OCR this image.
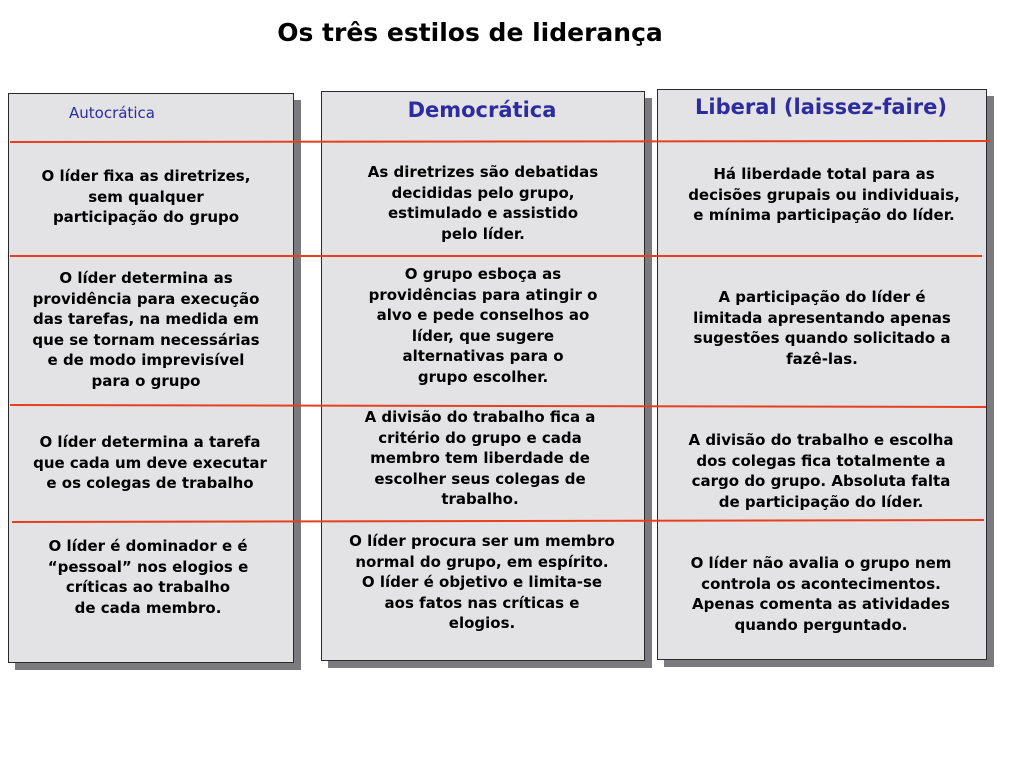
Os três estilos de liderança
Autocrática	Democrática	Liberal (laissez-faire)
O líder fixa as diretrizes,
sem qualquer
participação do grupo
O líder determina as
providência para execução
das tarefas, na medida em
que se tornam necessárias
e de modo imprevisível
para o grupo
O líder determina a tarefa
que cada um deve executar
e os colegas de trabalho
O líder é dominador e é
“pessoal” nos elogios e
críticas ao trabalho
de cada membro.
As diretrizes são debatidas
decididas pelo grupo,
estimulado e assistido
pelo líder.
O grupo esboça as
providências para atingir o
alvo e pede conselhos ao
líder, que sugere
alternativas para o
grupo escolher.
A divisão do trabalho fica a
critério do grupo e cada
membro tem liberdade de
escolher seus colegas de
trabalho.
O líder procura ser um membro
normal do grupo, em espírito.
O líder é objetivo e limita-se
aos fatos nas críticas e
elogios.
Há liberdade total para as
decisões grupais ou individuais,
e mínima participação do líder.
A participação do líder é
limitada apresentando apenas
sugestões quando solicitado a
fazê-las.
A divisão do trabalho e escolha
dos colegas fica totalmente a
cargo do grupo. Absoluta falta
de participação do líder.
O líder não avalia o grupo nem
controla os acontecimentos.
Apenas comenta as atividades
quando perguntado.
